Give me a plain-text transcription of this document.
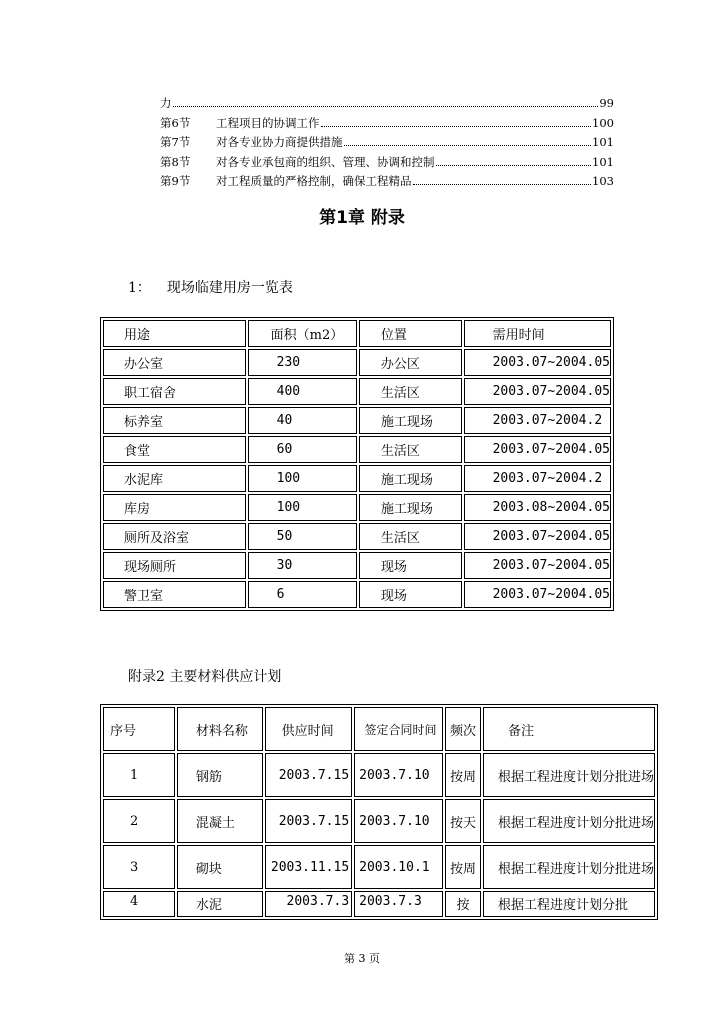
力	99
第6节	工程项目的协调工作	100
第7节	对各专业协力商提供措施	101
第8节	对各专业承包商的组织、管理、协调和控制	101
第9节	对工程质量的严格控制，确保工程精品	103
第1章 附录
1： 现场临建用房一览表
用途	面积（m2）	位置	需用时间
办公室	230	办公区	2003.07~2004.05
职工宿舍	400	生活区	2003.07~2004.05
标养室	40	施工现场	2003.07~2004.2
食堂	60	生活区	2003.07~2004.05
水泥库	100	施工现场	2003.07~2004.2
库房	100	施工现场	2003.08~2004.05
厕所及浴室	50	生活区	2003.07~2004.05
现场厕所	30	现场	2003.07~2004.05
警卫室	6	现场	2003.07~2004.05
附录2 主要材料供应计划
序号	材料名称	供应时间	签定合同时间	频次	备注
1	钢筋	2003.7.15	2003.7.10	按周	根据工程进度计划分批进场
2	混凝土	2003.7.15	2003.7.10	按天	根据工程进度计划分批进场
3	砌块	2003.11.15	2003.10.1	按周	根据工程进度计划分批进场
4	水泥	2003.7.3	2003.7.3	按	根据工程进度计划分批
第 3 页
